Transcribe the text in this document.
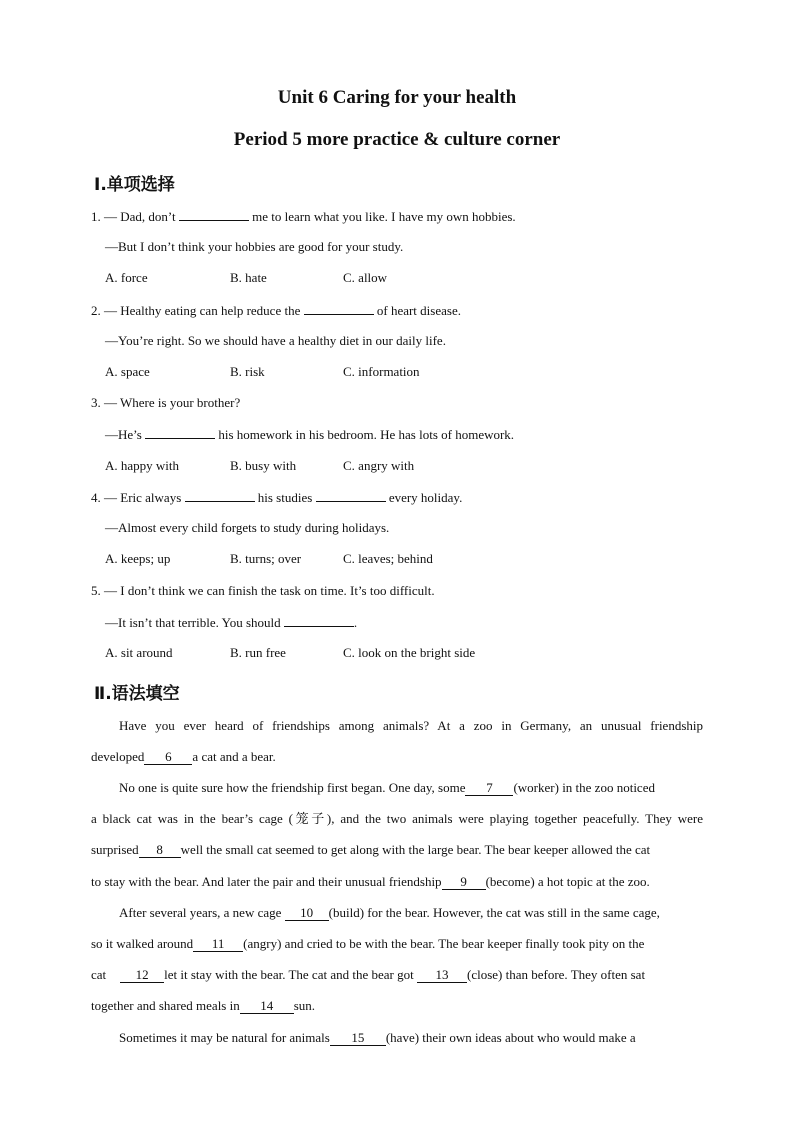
Unit 6 Caring for your health
Period 5 more practice & culture corner
Ⅰ.单项选择
1. — Dad, don’t	me to learn what you like. I have my own hobbies.
—But I don’t think your hobbies are good for your study.
A. force	B. hate	C. allow
2. — Healthy eating can help reduce the	of heart disease.
—You’re right. So we should have a healthy diet in our daily life.
A. space	B. risk	C. information
3. — Where is your brother?
—He’s	his homework in his bedroom. He has lots of homework.
A. happy with	B. busy with	C. angry with
4. — Eric always	his studies	every holiday.
—Almost every child forgets to study during holidays.
A. keeps; up	B. turns; over	C. leaves; behind
5. — I don’t think we can finish the task on time. It’s too difficult.
—It isn’t that terrible. You should	.
A. sit around	B. run free	C. look on the bright side
Ⅱ.语法填空
Have you ever heard of friendships among animals? At a zoo in Germany, an unusual friendship
developed 6 a cat and a bear.
No one is quite sure how the friendship first began. One day, some 7 (worker) in the zoo noticed
a black cat was in the bear’s cage (笼子), and the two animals were playing together peacefully. They were
surprised 8 well the small cat seemed to get along with the large bear. The bear keeper allowed the cat
to stay with the bear. And later the pair and their unusual friendship 9 (become) a hot topic at the zoo.
After several years, a new cage 10 (build) for the bear. However, the cat was still in the same cage,
so it walked around 11 (angry) and cried to be with the bear. The bear keeper finally took pity on the
cat 12 let it stay with the bear. The cat and the bear got 13 (close) than before. They often sat
together and shared meals in 14 sun.
Sometimes it may be natural for animals 15 (have) their own ideas about who would make a
